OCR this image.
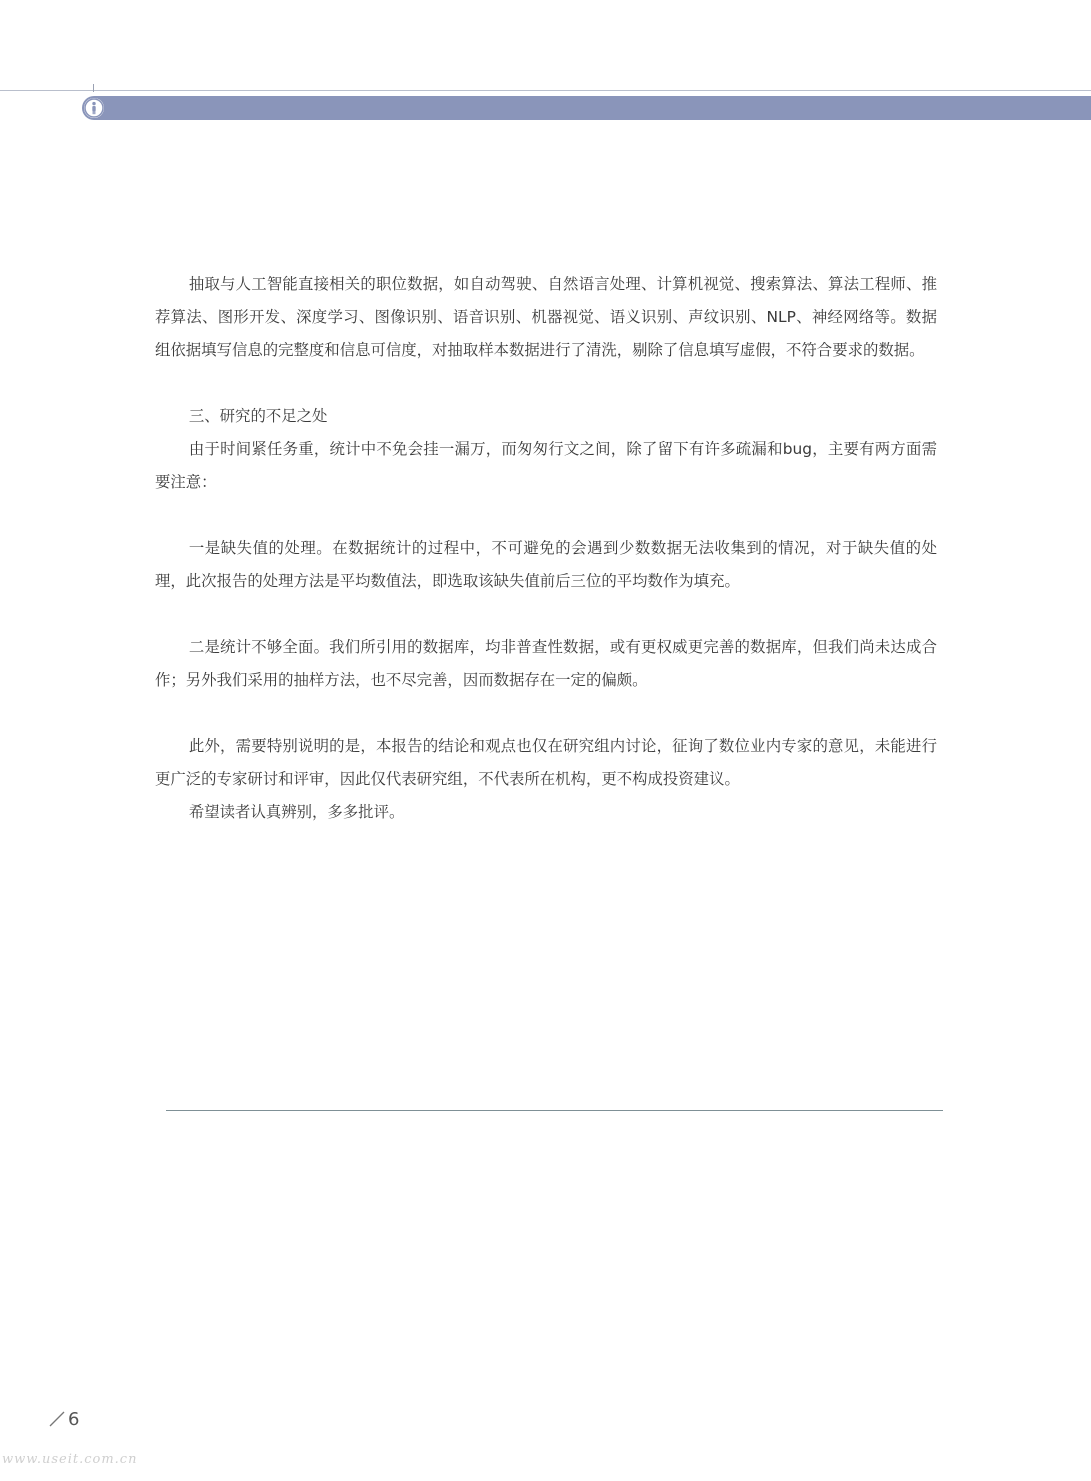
抽取与人工智能直接相关的职位数据，如自动驾驶、自然语言处理、计算机视觉、搜索算法、算法工程师、推荐算法、图形开发、深度学习、图像识别、语音识别、机器视觉、语义识别、声纹识别、NLP、神经网络等。数据组依据填写信息的完整度和信息可信度，对抽取样本数据进行了清洗，剔除了信息填写虚假，不符合要求的数据。

三、研究的不足之处

由于时间紧任务重，统计中不免会挂一漏万，而匆匆行文之间，除了留下有许多疏漏和bug，主要有两方面需要注意：

一是缺失值的处理。在数据统计的过程中，不可避免的会遇到少数数据无法收集到的情况，对于缺失值的处理，此次报告的处理方法是平均数值法，即选取该缺失值前后三位的平均数作为填充。

二是统计不够全面。我们所引用的数据库，均非普查性数据，或有更权威更完善的数据库，但我们尚未达成合作；另外我们采用的抽样方法，也不尽完善，因而数据存在一定的偏颇。

此外，需要特别说明的是，本报告的结论和观点也仅在研究组内讨论，征询了数位业内专家的意见，未能进行更广泛的专家研讨和评审，因此仅代表研究组，不代表所在机构，更不构成投资建议。

希望读者认真辨别，多多批评。

6
www.useit.com.cn
